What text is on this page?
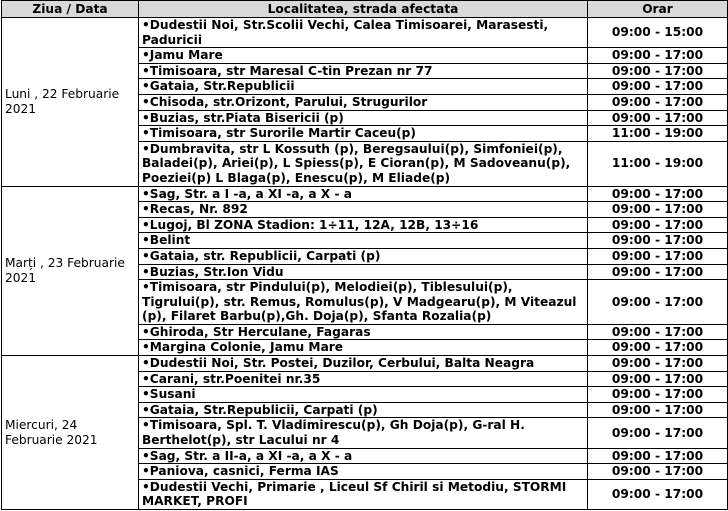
Ziua / Data	Localitatea, strada afectata	Orar
Luni , 22 Februarie 2021	•Dudestii Noi, Str.Scolii Vechi, Calea Timisoarei, Marasesti, Paduricii	09:00 - 15:00
	•Jamu Mare	09:00 - 17:00
	•Timisoara, str Maresal C-tin Prezan nr 77	09:00 - 17:00
	•Gataia, Str.Republicii	09:00 - 17:00
	•Chisoda, str.Orizont, Parului, Strugurilor	09:00 - 17:00
	•Buzias, str.Piata Bisericii (p)	09:00 - 17:00
	•Timisoara, str Surorile Martir Caceu(p)	11:00 - 19:00
	•Dumbravita, str L Kossuth (p), Beregsaului(p), Simfoniei(p), Baladei(p), Ariei(p), L Spiess(p), E Cioran(p), M Sadoveanu(p), Poeziei(p) L Blaga(p), Enescu(p), M Eliade(p)	11:00 - 19:00
Marți , 23 Februarie 2021	•Sag, Str. a I -a, a XI -a, a X - a	09:00 - 17:00
	•Recas, Nr. 892	09:00 - 17:00
	•Lugoj, Bl ZONA Stadion: 1÷11, 12A, 12B, 13÷16	09:00 - 17:00
	•Belint	09:00 - 17:00
	•Gataia, str. Republicii, Carpati (p)	09:00 - 17:00
	•Buzias, Str.Ion Vidu	09:00 - 17:00
	•Timisoara, str Pindului(p), Melodiei(p), Tiblesului(p), Tigrului(p), str. Remus, Romulus(p), V Madgearu(p), M Viteazul (p), Filaret Barbu(p),Gh. Doja(p), Sfanta Rozalia(p)	09:00 - 17:00
	•Ghiroda, Str Herculane, Fagaras	09:00 - 17:00
	•Margina Colonie, Jamu Mare	09:00 - 17:00
Miercuri, 24 Februarie 2021	•Dudestii Noi, Str. Postei, Duzilor, Cerbului, Balta Neagra	09:00 - 17:00
	•Carani, str.Poenitei nr.35	09:00 - 17:00
	•Susani	09:00 - 17:00
	•Gataia, Str.Republicii, Carpati (p)	09:00 - 17:00
	•Timisoara, Spl. T. Vladimirescu(p), Gh Doja(p), G-ral H. Berthelot(p), str Lacului nr 4	09:00 - 17:00
	•Sag, Str. a II-a, a XI -a, a X - a	09:00 - 17:00
	•Paniova, casnici, Ferma IAS	09:00 - 17:00
	•Dudestii Vechi, Primarie , Liceul Sf Chiril si Metodiu, STORMI MARKET, PROFI	09:00 - 17:00
